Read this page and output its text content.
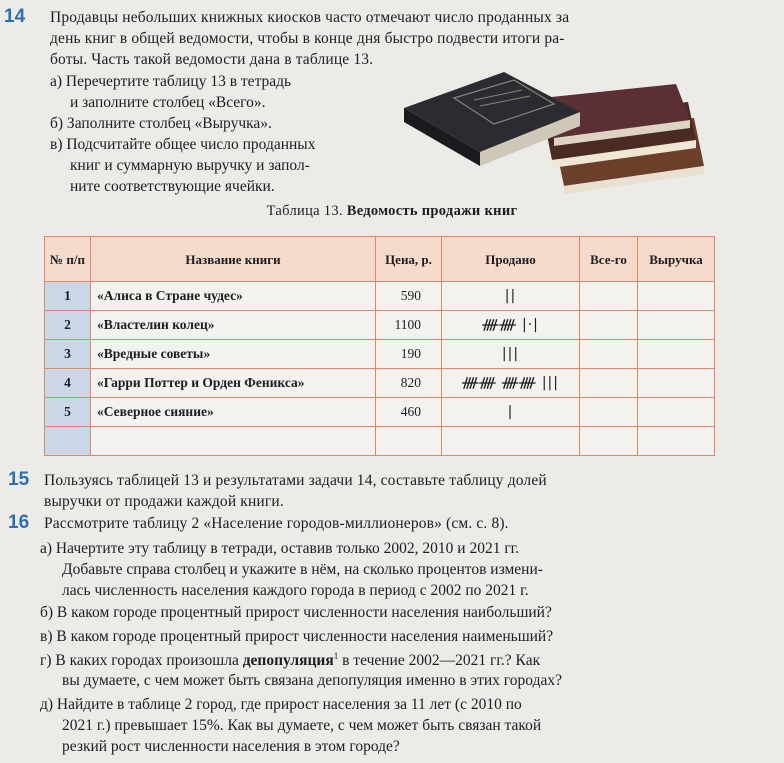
14 Продавцы небольших книжных киосков часто отмечают число проданных за
день книг в общей ведомости, чтобы в конце дня быстро подвести итоги ра-
боты. Часть такой ведомости дана в таблице 13.
а) Перечертите таблицу 13 в тетрадь
и заполните столбец «Всего».
б) Заполните столбец «Выручка».
в) Подсчитайте общее число проданных
книг и суммарную выручку и запол-
ните соответствующие ячейки.
Таблица 13. Ведомость продажи книг
№ п/п	Название книги	Цена, р.	Продано	Все-го	Выручка
1	«Алиса в Стране чудес»	590	||		
2	«Властелин колец»	1100	ᚎᚎ |·|		
3	«Вредные советы»	190	|||		
4	«Гарри Поттер и Орден Феникса»	820	ᚎᚎ ᚎᚎ |||		
5	«Северное сияние»	460	|		

15 Пользуясь таблицей 13 и результатами задачи 14, составьте таблицу долей
выручки от продажи каждой книги.
16 Рассмотрите таблицу 2 «Население городов-миллионеров» (см. с. 8).
а) Начертите эту таблицу в тетради, оставив только 2002, 2010 и 2021 гг.
Добавьте справа столбец и укажите в нём, на сколько процентов измени-
лась численность населения каждого города в период с 2002 по 2021 г.
б) В каком городе процентный прирост численности населения наибольший?
в) В каком городе процентный прирост численности населения наименьший?
г) В каких городах произошла депопуляция$^1$ в течение 2002—2021 гг.? Как
вы думаете, с чем может быть связана депопуляция именно в этих городах?
д) Найдите в таблице 2 город, где прирост населения за 11 лет (с 2010 по
2021 г.) превышает 15%. Как вы думаете, с чем может быть связан такой
резкий рост численности населения в этом городе?
